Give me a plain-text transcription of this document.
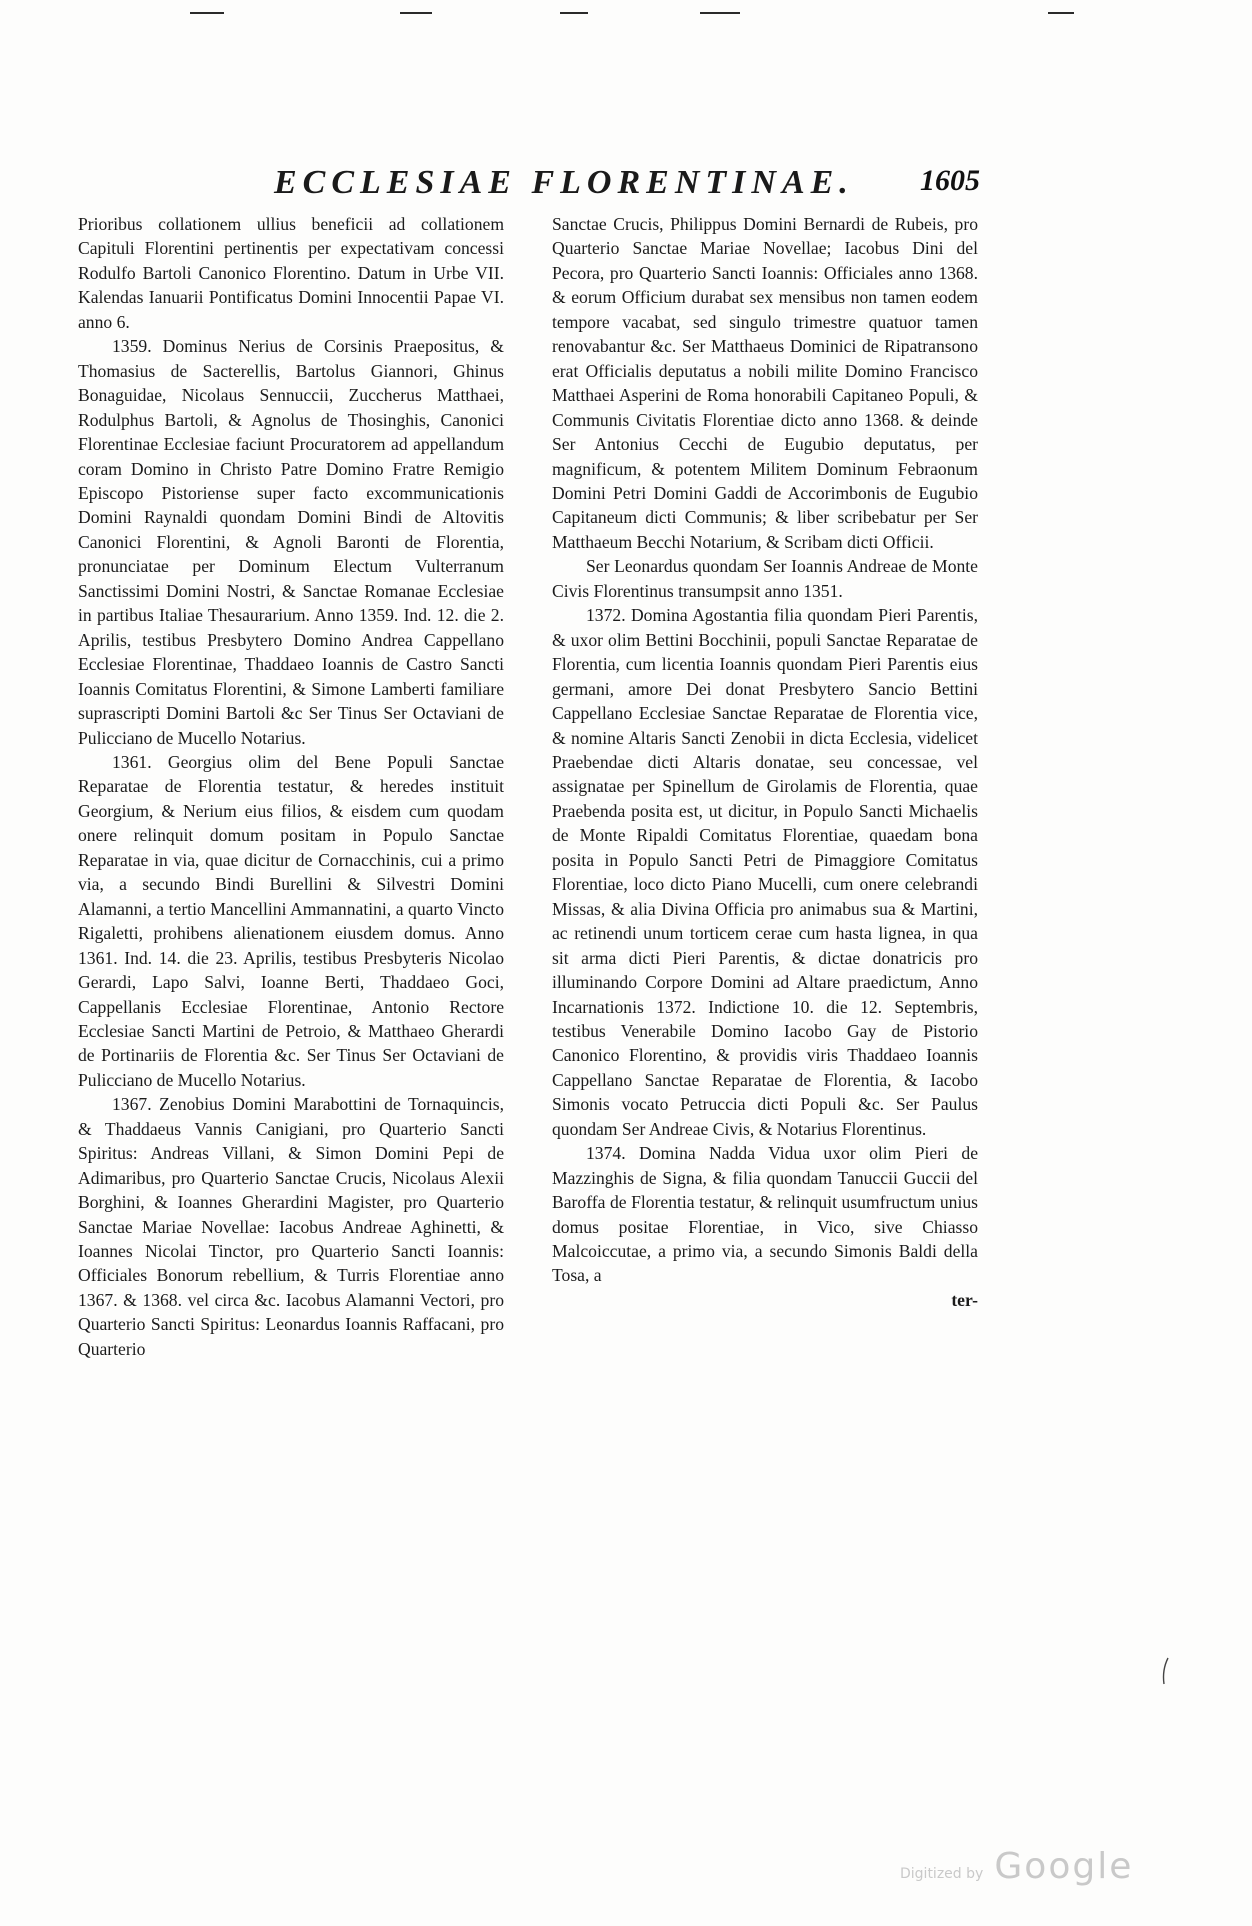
ECCLESIAE FLORENTINAE. 1605

Prioribus collationem ullius beneficii ad collationem Capituli Florentini pertinentis per expectativam concessi Rodulfo Bartoli Canonico Florentino. Datum in Urbe VII. Kalendas Ianuarii Pontificatus Domini Innocentii Papae VI. anno 6.

1359. Dominus Nerius de Corsinis Praepositus, & Thomasius de Sacterellis, Bartolus Giannori, Ghinus Bonaguidae, Nicolaus Sennuccii, Zuccherus Matthaei, Rodulphus Bartoli, & Agnolus de Thosinghis, Canonici Florentinae Ecclesiae faciunt Procuratorem ad appellandum coram Domino in Christo Patre Domino Fratre Remigio Episcopo Pistoriense super facto excommunicationis Domini Raynaldi quondam Domini Bindi de Altovitis Canonici Florentini, & Agnoli Baronti de Florentia, pronunciatae per Dominum Electum Vulterranum Sanctissimi Domini Nostri, & Sanctae Romanae Ecclesiae in partibus Italiae Thesaurarium. Anno 1359. Ind. 12. die 2. Aprilis, testibus Presbytero Domino Andrea Cappellano Ecclesiae Florentinae, Thaddaeo Ioannis de Castro Sancti Ioannis Comitatus Florentini, & Simone Lamberti familiare suprascripti Domini Bartoli &c Ser Tinus Ser Octaviani de Pulicciano de Mucello Notarius.

1361. Georgius olim del Bene Populi Sanctae Reparatae de Florentia testatur, & heredes instituit Georgium, & Nerium eius filios, & eisdem cum quodam onere relinquit domum positam in Populo Sanctae Reparatae in via, quae dicitur de Cornacchinis, cui a primo via, a secundo Bindi Burellini & Silvestri Domini Alamanni, a tertio Mancellini Ammannatini, a quarto Vincto Rigaletti, prohibens alienationem eiusdem domus. Anno 1361. Ind. 14. die 23. Aprilis, testibus Presbyteris Nicolao Gerardi, Lapo Salvi, Ioanne Berti, Thaddaeo Goci, Cappellanis Ecclesiae Florentinae, Antonio Rectore Ecclesiae Sancti Martini de Petroio, & Matthaeo Gherardi de Portinariis de Florentia &c. Ser Tinus Ser Octaviani de Pulicciano de Mucello Notarius.

1367. Zenobius Domini Marabottini de Tornaquincis, & Thaddaeus Vannis Canigiani, pro Quarterio Sancti Spiritus: Andreas Villani, & Simon Domini Pepi de Adimaribus, pro Quarterio Sanctae Crucis, Nicolaus Alexii Borghini, & Ioannes Gherardini Magister, pro Quarterio Sanctae Mariae Novellae: Iacobus Andreae Aghinetti, & Ioannes Nicolai Tinctor, pro Quarterio Sancti Ioannis: Officiales Bonorum rebellium, & Turris Florentiae anno 1367. & 1368. vel circa &c. Iacobus Alamanni Vectori, pro Quarterio Sancti Spiritus: Leonardus Ioannis Raffacani, pro Quarterio

Sanctae Crucis, Philippus Domini Bernardi de Rubeis, pro Quarterio Sanctae Mariae Novellae; Iacobus Dini del Pecora, pro Quarterio Sancti Ioannis: Officiales anno 1368. & eorum Officium durabat sex mensibus non tamen eodem tempore vacabat, sed singulo trimestre quatuor tamen renovabantur &c. Ser Matthaeus Dominici de Ripatransono erat Officialis deputatus a nobili milite Domino Francisco Matthaei Asperini de Roma honorabili Capitaneo Populi, & Communis Civitatis Florentiae dicto anno 1368. & deinde Ser Antonius Cecchi de Eugubio deputatus, per magnificum, & potentem Militem Dominum Febraonum Domini Petri Domini Gaddi de Accorimbonis de Eugubio Capitaneum dicti Communis; & liber scribebatur per Ser Matthaeum Becchi Notarium, & Scribam dicti Officii.

Ser Leonardus quondam Ser Ioannis Andreae de Monte Civis Florentinus transumpsit anno 1351.

1372. Domina Agostantia filia quondam Pieri Parentis, & uxor olim Bettini Bocchinii, populi Sanctae Reparatae de Florentia, cum licentia Ioannis quondam Pieri Parentis eius germani, amore Dei donat Presbytero Sancio Bettini Cappellano Ecclesiae Sanctae Reparatae de Florentia vice, & nomine Altaris Sancti Zenobii in dicta Ecclesia, videlicet Praebendae dicti Altaris donatae, seu concessae, vel assignatae per Spinellum de Girolamis de Florentia, quae Praebenda posita est, ut dicitur, in Populo Sancti Michaelis de Monte Ripaldi Comitatus Florentiae, quaedam bona posita in Populo Sancti Petri de Pimaggiore Comitatus Florentiae, loco dicto Piano Mucelli, cum onere celebrandi Missas, & alia Divina Officia pro animabus sua & Martini, ac retinendi unum torticem cerae cum hasta lignea, in qua sit arma dicti Pieri Parentis, & dictae donatricis pro illuminando Corpore Domini ad Altare praedictum, Anno Incarnationis 1372. Indictione 10. die 12. Septembris, testibus Venerabile Domino Iacobo Gay de Pistorio Canonico Florentino, & providis viris Thaddaeo Ioannis Cappellano Sanctae Reparatae de Florentia, & Iacobo Simonis vocato Petruccia dicti Populi &c. Ser Paulus quondam Ser Andreae Civis, & Notarius Florentinus.

1374. Domina Nadda Vidua uxor olim Pieri de Mazzinghis de Signa, & filia quondam Tanuccii Guccii del Baroffa de Florentia testatur, & relinquit usumfructum unius domus positae Florentiae, in Vico, sive Chiasso Malcoiccutae, a primo via, a secundo Simonis Baldi della Tosa, a

ter-
Digitized by Google
